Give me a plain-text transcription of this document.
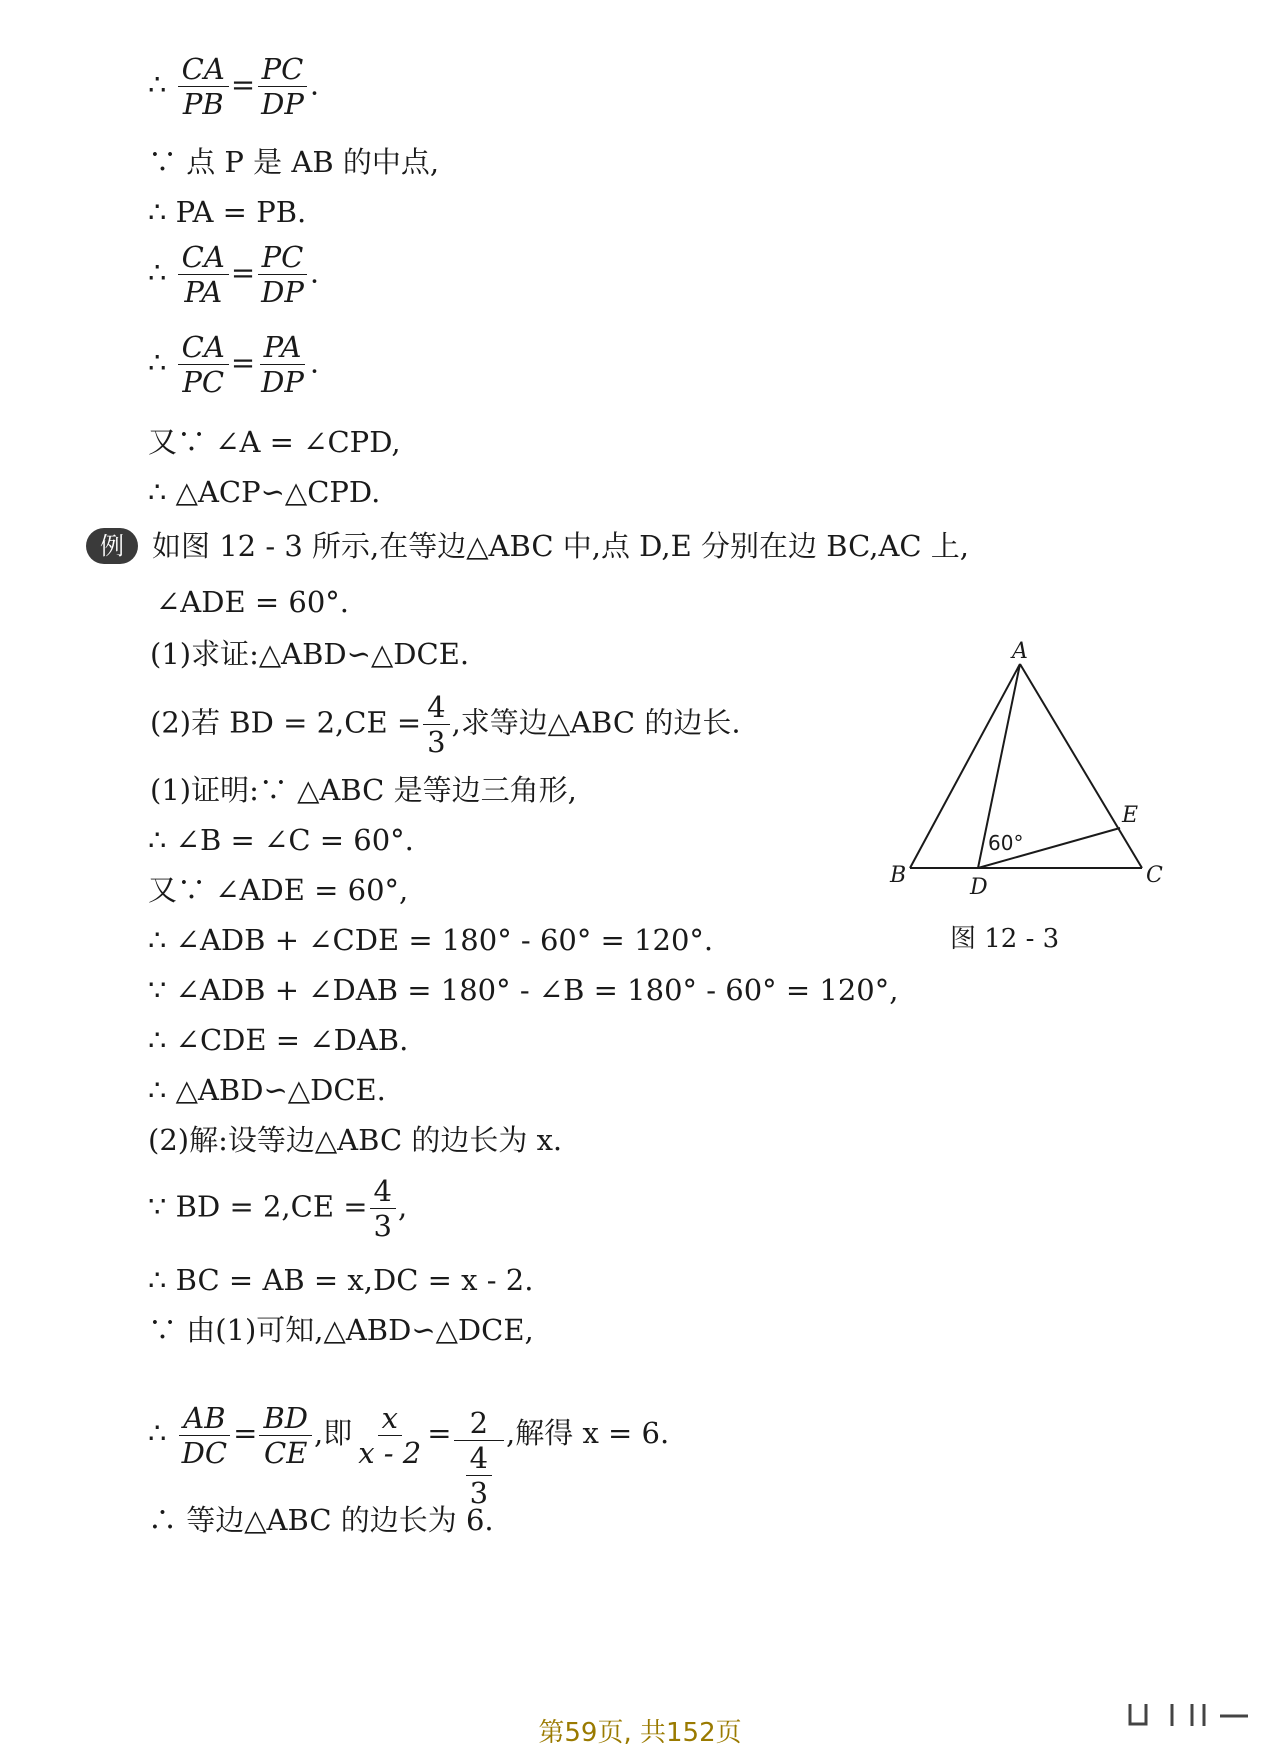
∴ $\frac{CA}{PB} = \frac{PC}{DP}$ .
∵ 点 P 是 AB 的中点,
∴ PA = PB.
∴ $\frac{CA}{PA} = \frac{PC}{DP}$ .
∴ $\frac{CA}{PC} = \frac{PA}{DP}$ .
又∵ ∠A = ∠CPD,
∴ △ACP∽△CPD.
例 如图 12 - 3 所示,在等边△ABC 中,点 D,E 分别在边 BC,AC 上,
∠ADE = 60°.
(1)求证:△ABD∽△DCE.
(2)若 BD = $2,CE = \frac{4}{3}$ ,求等边△ABC 的边长.
(1)证明:∵ △ABC 是等边三角形,
∴ ∠B = ∠C = 60°.
又∵ ∠ADE = 60°,
∴ ∠ADB + ∠CDE = 180° - 60° = 120°.
∵ ∠ADB + ∠DAB = 180° - ∠B = 180° - 60° = 120°,
∴ ∠CDE = ∠DAB.
∴ △ABD∽△DCE.
(2)解:设等边△ABC 的边长为 x.
∵ BD = $2,CE = \frac{4}{3}$ ,
∴ BC = AB = x,DC = x - 2.
∵ 由(1)可知,△ABD∽△DCE,
∴ $\frac{AB}{DC} = \frac{BD}{CE}$ ,即 $\frac{x}{x - 2} = \frac{2}{\frac{4}{3}}$ ,解得 x = 6.
∴ 等边△ABC 的边长为 6.
A
B	C
D
E
60°
图 12 - 3
第59页, 共152页
